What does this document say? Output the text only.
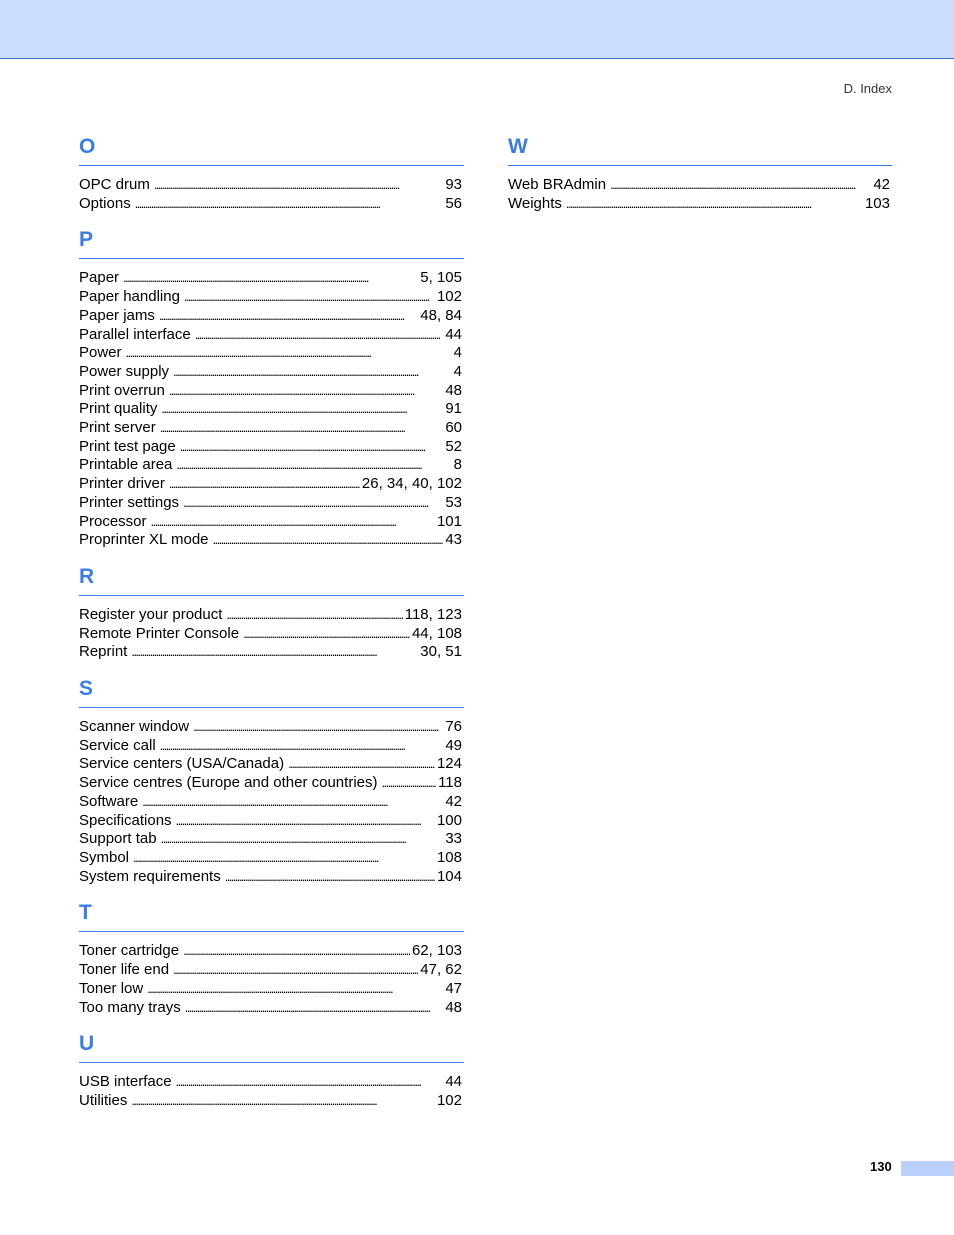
D. Index
O
OPC drum . . .	93
Options . . .	56
P
Paper . . .	5, 105
Paper handling . . .	102
Paper jams . . .	48, 84
Parallel interface . . .	44
Power . . .	4
Power supply . . .	4
Print overrun . . .	48
Print quality . . .	91
Print server . . .	60
Print test page . . .	52
Printable area . . .	8
Printer driver . . .	26, 34, 40, 102
Printer settings . . .	53
Processor . . .	101
Proprinter XL mode . . .	43
R
Register your product . . .	118, 123
Remote Printer Console . . .	44, 108
Reprint . . .	30, 51
S
Scanner window . . .	76
Service call . . .	49
Service centers (USA/Canada) . . .	124
Service centres (Europe and other countries) . . .	118
Software . . .	42
Specifications . . .	100
Support tab . . .	33
Symbol . . .	108
System requirements . . .	104
T
Toner cartridge . . .	62, 103
Toner life end . . .	47, 62
Toner low . . .	47
Too many trays . . .	48
U
USB interface . . .	44
Utilities . . .	102
W
Web BRAdmin . . .	42
Weights . . .	103
130
